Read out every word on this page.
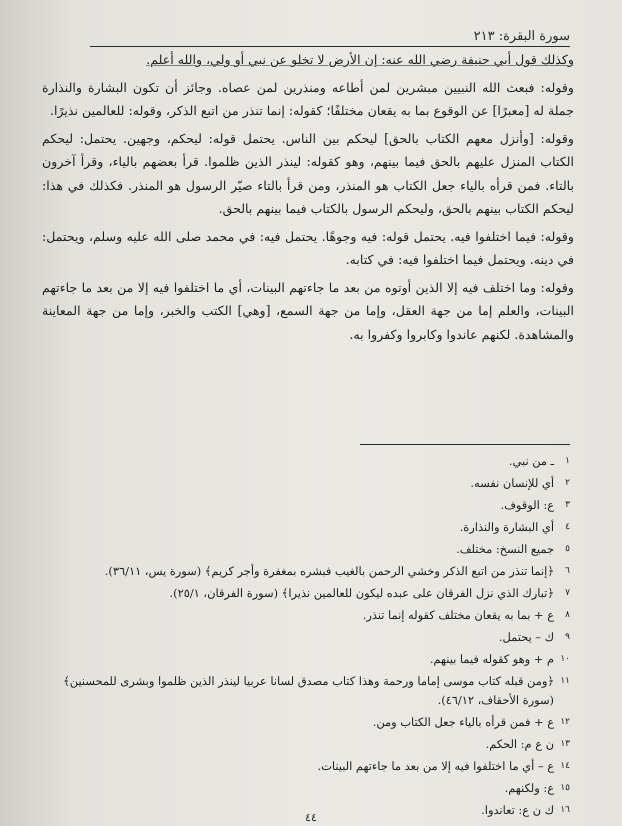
سورة البقرة: ٢١٣

وكذلك قول أبي حنيفة رضي الله عنه: إن الأرض لا تخلو عن نبي أو ولي، والله أعلم.

وقوله: فبعث الله النبيين مبشرين لمن أطاعه ومنذرين لمن عصاه. وجائز أن تكون البشارة والنذارة جملة له [معبرًا] عن الوقوع بما به يقعان مختلفًا؛ كقوله: إنما تنذر من اتبع الذكر، وقوله: للعالمين نذيرًا.

وقوله: [وأنزل معهم الكتاب بالحق] ليحكم بين الناس. يحتمل قوله: ليحكم، وجهين. يحتمل: ليحكم الكتاب المنزل عليهم بالحق فيما بينهم، وهو كقوله: لينذر الذين ظلموا. قرأ بعضهم بالياء، وقرأ آخرون بالتاء. فمن قرأه بالياء جعل الكتاب هو المنذر، ومن قرأ بالتاء صيّر الرسول هو المنذر. فكذلك في هذا: ليحكم الكتاب بينهم بالحق، وليحكم الرسول بالكتاب فيما بينهم بالحق.

وقوله: فيما اختلفوا فيه. يحتمل قوله: فيه وجوهًا. يحتمل فيه: في محمد صلى الله عليه وسلم، ويحتمل: في دينه. ويحتمل فيما اختلفوا فيه: في كتابه.

وقوله: وما اختلف فيه إلا الذين أوتوه من بعد ما جاءتهم البينات، أي ما اختلفوا فيه إلا من بعد ما جاءتهم البينات، والعلم إما من جهة العقل، وإما من جهة السمع، [وهي] الكتب والخبر، وإما من جهة المعاينة والمشاهدة. لكنهم عاندوا وكابروا وكفروا به.

١
ـ من نبي.
٢
أي للإنسان نفسه.
٣
ع: الوقوف.
٤
أي البشارة والنذارة.
٥
جميع النسخ: مختلف.
٦
﴿إنما تنذر من اتبع الذكر وخشي الرحمن بالغيب فبشره بمغفرة وأجر كريم﴾ (سورة يس، ٣٦/١١).
٧
﴿تبارك الذي نزل الفرقان على عبده ليكون للعالمين نذيرا﴾ (سورة الفرقان، ٢٥/١).
٨
ع + بما به يقعان مختلف كقوله إنما تنذر.
٩
ك – يحتمل.
١٠
م + وهو كقوله فيما بينهم.
١١
﴿ومن قبله كتاب موسى إماما ورحمة وهذا كتاب مصدق لسانا عربيا لينذر الذين ظلموا وبشرى للمحسنين﴾ (سورة الأحقاف، ٤٦/١٢).
١٢
ع + فمن قرأه بالياء جعل الكتاب ومن.
١٣
ن ع م: الحكم.
١٤
ع – أي ما اختلفوا فيه إلا من بعد ما جاءتهم البينات.
١٥
ع: ولكنهم.
١٦
ك ن ع: تعاندوا.
٤٤
